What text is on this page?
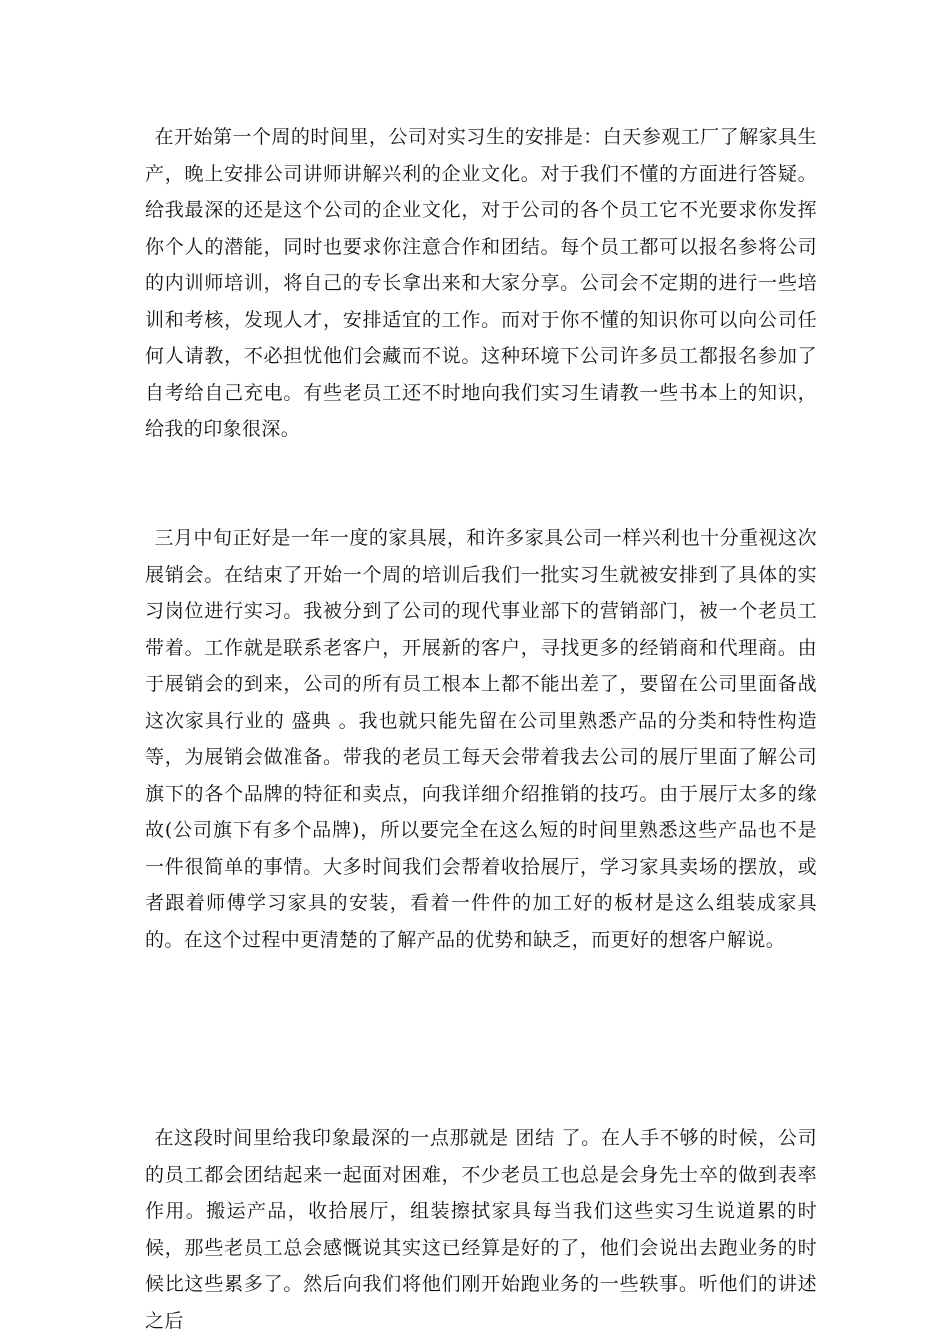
在开始第一个周的时间里，公司对实习生的安排是：白天参观工厂了解家具生产，晚上安排公司讲师讲解兴利的企业文化。对于我们不懂的方面进行答疑。给我最深的还是这个公司的企业文化，对于公司的各个员工它不光要求你发挥你个人的潜能，同时也要求你注意合作和团结。每个员工都可以报名参将公司的内训师培训，将自己的专长拿出来和大家分享。公司会不定期的进行一些培训和考核，发现人才，安排适宜的工作。而对于你不懂的知识你可以向公司任何人请教，不必担忧他们会藏而不说。这种环境下公司许多员工都报名参加了自考给自己充电。有些老员工还不时地向我们实习生请教一些书本上的知识，给我的印象很深。

三月中旬正好是一年一度的家具展，和许多家具公司一样兴利也十分重视这次展销会。在结束了开始一个周的培训后我们一批实习生就被安排到了具体的实习岗位进行实习。我被分到了公司的现代事业部下的营销部门，被一个老员工带着。工作就是联系老客户，开展新的客户，寻找更多的经销商和代理商。由于展销会的到来，公司的所有员工根本上都不能出差了，要留在公司里面备战这次家具行业的 盛典 。我也就只能先留在公司里熟悉产品的分类和特性构造等，为展销会做准备。带我的老员工每天会带着我去公司的展厅里面了解公司旗下的各个品牌的特征和卖点，向我详细介绍推销的技巧。由于展厅太多的缘故(公司旗下有多个品牌)，所以要完全在这么短的时间里熟悉这些产品也不是一件很简单的事情。大多时间我们会帮着收拾展厅，学习家具卖场的摆放，或者跟着师傅学习家具的安装，看着一件件的加工好的板材是这么组装成家具的。在这个过程中更清楚的了解产品的优势和缺乏，而更好的想客户解说。

在这段时间里给我印象最深的一点那就是 团结 了。在人手不够的时候，公司的员工都会团结起来一起面对困难，不少老员工也总是会身先士卒的做到表率作用。搬运产品，收拾展厅，组装擦拭家具每当我们这些实习生说道累的时候，那些老员工总会感慨说其实这已经算是好的了，他们会说出去跑业务的时候比这些累多了。然后向我们将他们刚开始跑业务的一些轶事。听他们的讲述之后
